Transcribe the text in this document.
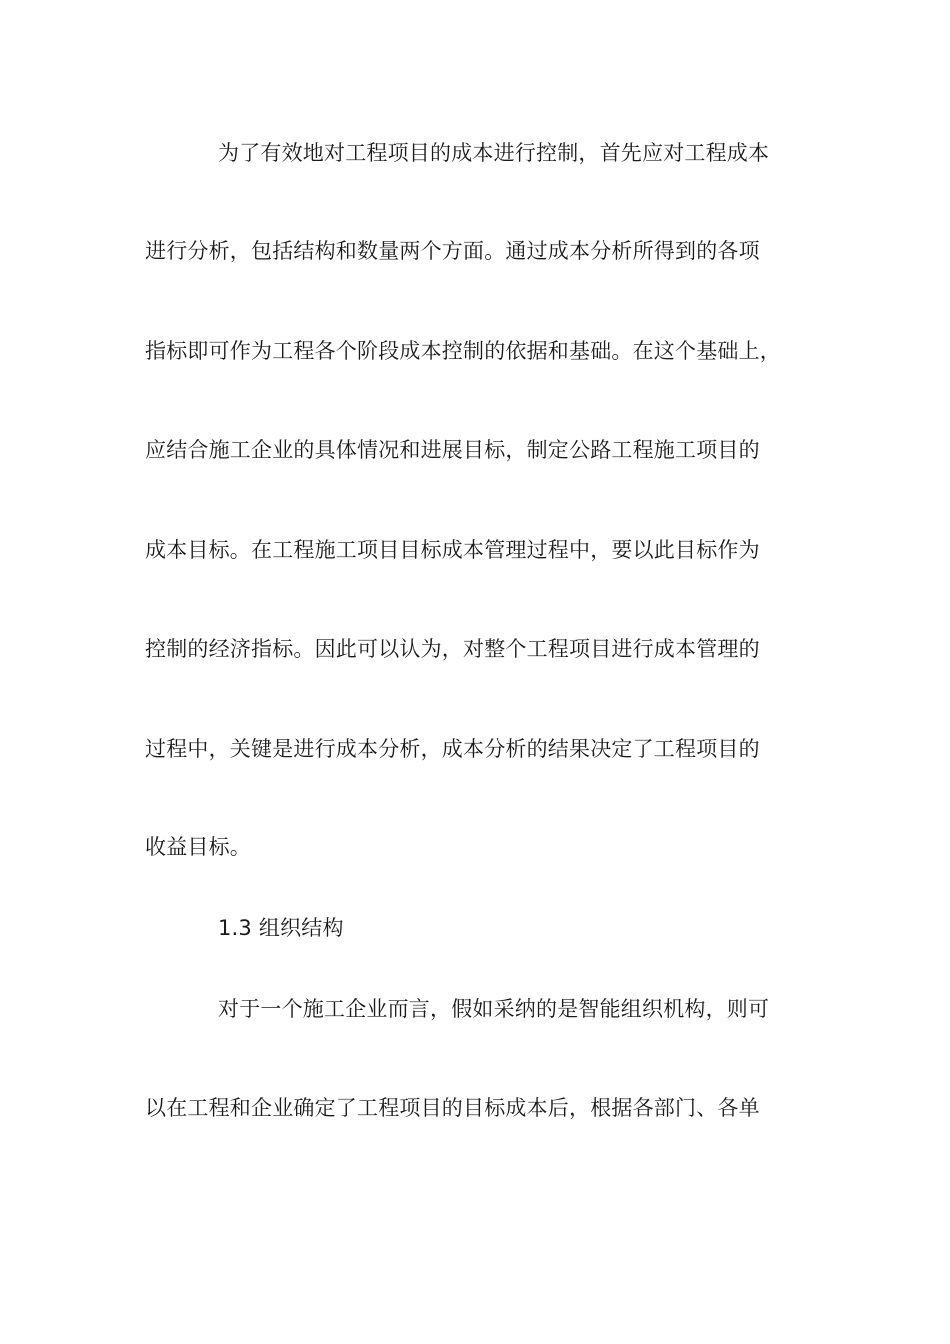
为了有效地对工程项目的成本进行控制，首先应对工程成本
进行分析，包括结构和数量两个方面。通过成本分析所得到的各项
指标即可作为工程各个阶段成本控制的依据和基础。在这个基础上，
应结合施工企业的具体情况和进展目标，制定公路工程施工项目的
成本目标。在工程施工项目目标成本管理过程中，要以此目标作为
控制的经济指标。因此可以认为，对整个工程项目进行成本管理的
过程中，关键是进行成本分析，成本分析的结果决定了工程项目的
收益目标。
1.3 组织结构
对于一个施工企业而言，假如采纳的是智能组织机构，则可
以在工程和企业确定了工程项目的目标成本后，根据各部门、各单
